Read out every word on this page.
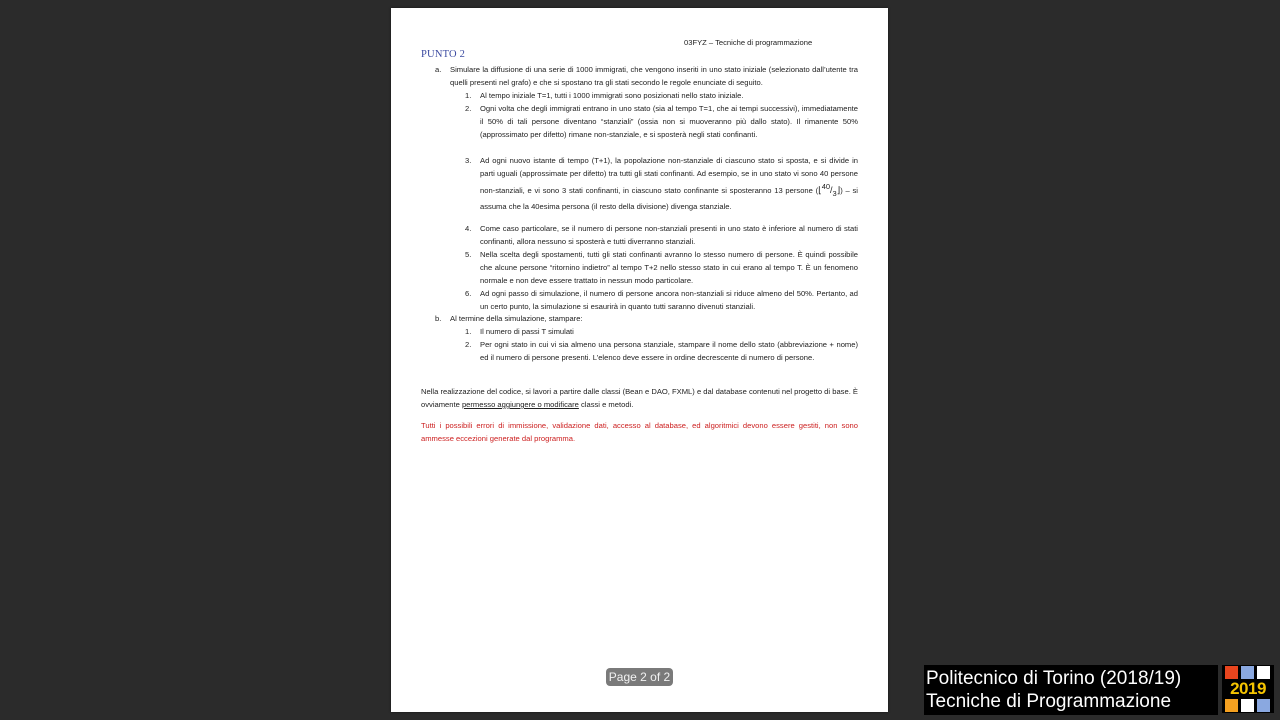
03FYZ – Tecniche di programmazione
PUNTO 2
a. Simulare la diffusione di una serie di 1000 immigrati, che vengono inseriti in uno stato iniziale (selezionato dall’utente tra quelli presenti nel grafo) e che si spostano tra gli stati secondo le regole enunciate di seguito.
1. Al tempo iniziale T=1, tutti i 1000 immigrati sono posizionati nello stato iniziale.
2. Ogni volta che degli immigrati entrano in uno stato (sia al tempo T=1, che ai tempi successivi), immediatamente il 50% di tali persone diventano “stanziali” (ossia non si muoveranno più dallo stato). Il rimanente 50% (approssimato per difetto) rimane non-stanziale, e si sposterà negli stati confinanti.
3. Ad ogni nuovo istante di tempo (T+1), la popolazione non-stanziale di ciascuno stato si sposta, e si divide in parti uguali (approssimate per difetto) tra tutti gli stati confinanti. Ad esempio, se in uno stato vi sono 40 persone non-stanziali, e vi sono 3 stati confinanti, in ciascuno stato confinante si sposteranno 13 persone $(⌊^{40}/_3⌋)$ – si assuma che la 40esima persona (il resto della divisione) divenga stanziale.
4. Come caso particolare, se il numero di persone non-stanziali presenti in uno stato è inferiore al numero di stati confinanti, allora nessuno si sposterà e tutti diverranno stanziali.
5. Nella scelta degli spostamenti, tutti gli stati confinanti avranno lo stesso numero di persone. È quindi possibile che alcune persone “ritornino indietro” al tempo T+2 nello stesso stato in cui erano al tempo T. È un fenomeno normale e non deve essere trattato in nessun modo particolare.
6. Ad ogni passo di simulazione, il numero di persone ancora non-stanziali si riduce almeno del 50%. Pertanto, ad un certo punto, la simulazione si esaurirà in quanto tutti saranno divenuti stanziali.
b. Al termine della simulazione, stampare:
1. Il numero di passi T simulati
2. Per ogni stato in cui vi sia almeno una persona stanziale, stampare il nome dello stato (abbreviazione + nome) ed il numero di persone presenti. L’elenco deve essere in ordine decrescente di numero di persone.
Nella realizzazione del codice, si lavori a partire dalle classi (Bean e DAO, FXML) e dal database contenuti nel progetto di base. È ovviamente permesso aggiungere o modificare classi e metodi.
Tutti i possibili errori di immissione, validazione dati, accesso al database, ed algoritmici devono essere gestiti, non sono ammesse eccezioni generate dal programma.
Page 2 of 2	Politecnico di Torino (2018/19)
Tecniche di Programmazione
2019
